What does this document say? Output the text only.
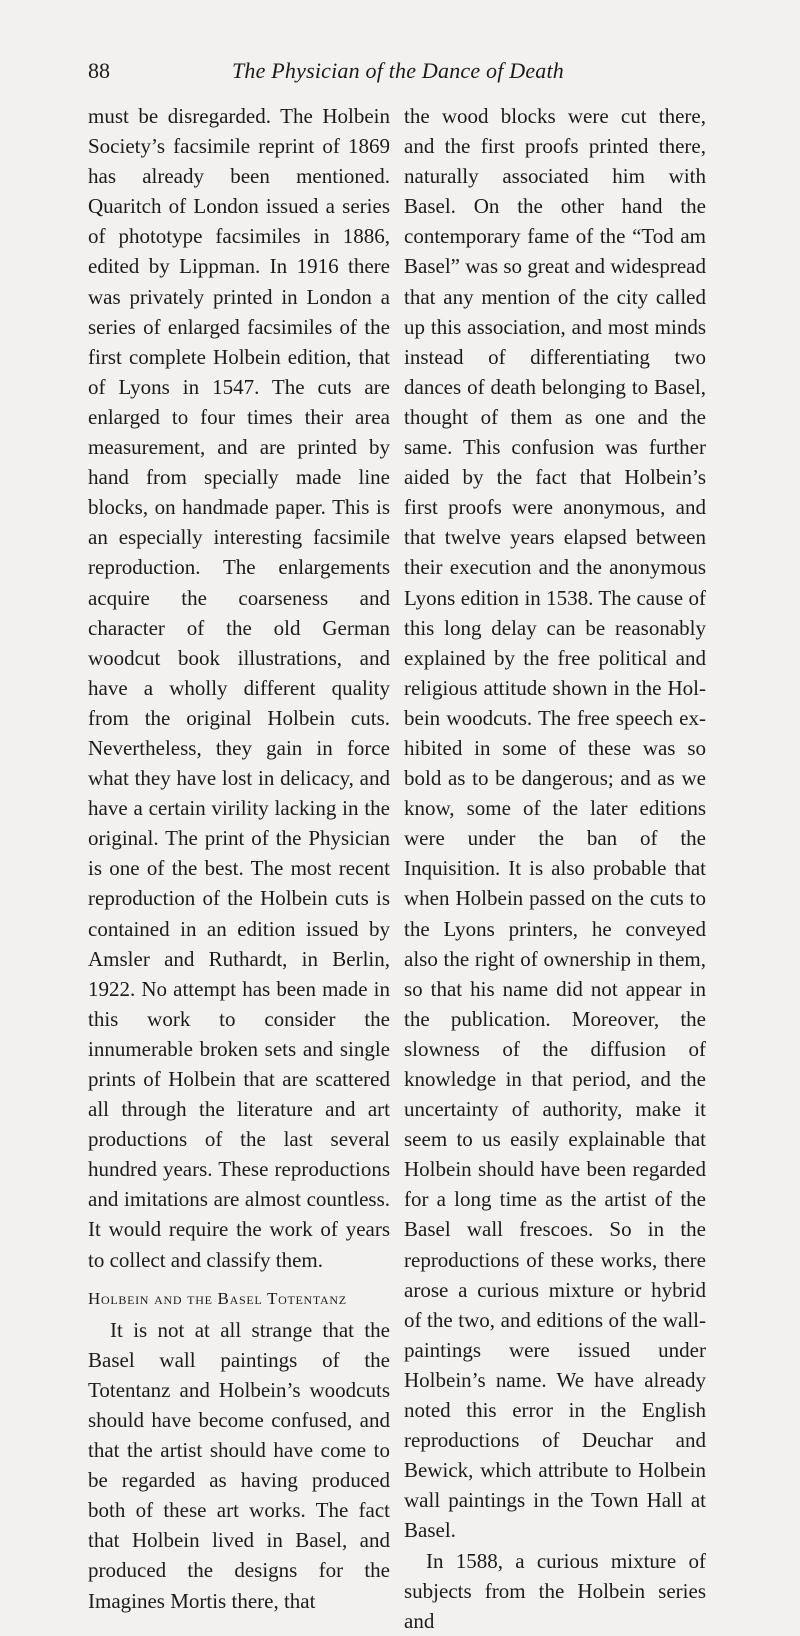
88	The Physician of the Dance of Death

must be disregarded. The Holbein Society’s facsimile reprint of 1869 has already been mentioned. Quaritch of London issued a series of phototype facsimiles in 1886, edited by Lippman. In 1916 there was privately printed in London a series of enlarged facsimiles of the first complete Holbein edition, that of Lyons in 1547. The cuts are enlarged to four times their area measurement, and are printed by hand from specially made line blocks, on handmade paper. This is an especially interesting facsimile reproduction. The enlargements acquire the coarseness and character of the old German woodcut book illustrations, and have a wholly different quality from the original Holbein cuts. Nevertheless, they gain in force what they have lost in delicacy, and have a certain virility lacking in the original. The print of the Physician is one of the best. The most recent reproduction of the Holbein cuts is contained in an edition issued by Amsler and Ruthardt, in Berlin, 1922. No attempt has been made in this work to consider the innumerable broken sets and single prints of Holbein that are scattered all through the literature and art productions of the last several hundred years. These reproductions and imitations are almost countless. It would require the work of years to collect and classify them.

Holbein and the Basel Totentanz

It is not at all strange that the Basel wall paintings of the Totentanz and Holbein’s woodcuts should have become confused, and that the artist should have come to be regarded as having produced both of these art works. The fact that Holbein lived in Basel, and produced the designs for the Imagines Mortis there, that

the wood blocks were cut there, and the first proofs printed there, naturally associated him with Basel. On the other hand the contemporary fame of the “Tod am Basel” was so great and widespread that any mention of the city called up this association, and most minds instead of differentiating two dances of death belonging to Basel, thought of them as one and the same. This confusion was further aided by the fact that Holbein’s first proofs were anonymous, and that twelve years elapsed between their execution and the anonymous Lyons edition in 1538. The cause of this long delay can be reasonably explained by the free political and religious attitude shown in the Holbein woodcuts. The free speech exhibited in some of these was so bold as to be dangerous; and as we know, some of the later editions were under the ban of the Inquisition. It is also probable that when Holbein passed on the cuts to the Lyons printers, he conveyed also the right of ownership in them, so that his name did not appear in the publication. Moreover, the slowness of the diffusion of knowledge in that period, and the uncertainty of authority, make it seem to us easily explainable that Holbein should have been regarded for a long time as the artist of the Basel wall frescoes. So in the reproductions of these works, there arose a curious mixture or hybrid of the two, and editions of the wall-paintings were issued under Holbein’s name. We have already noted this error in the English reproductions of Deuchar and Bewick, which attribute to Holbein wall paintings in the Town Hall at Basel.

In 1588, a curious mixture of subjects from the Holbein series and
